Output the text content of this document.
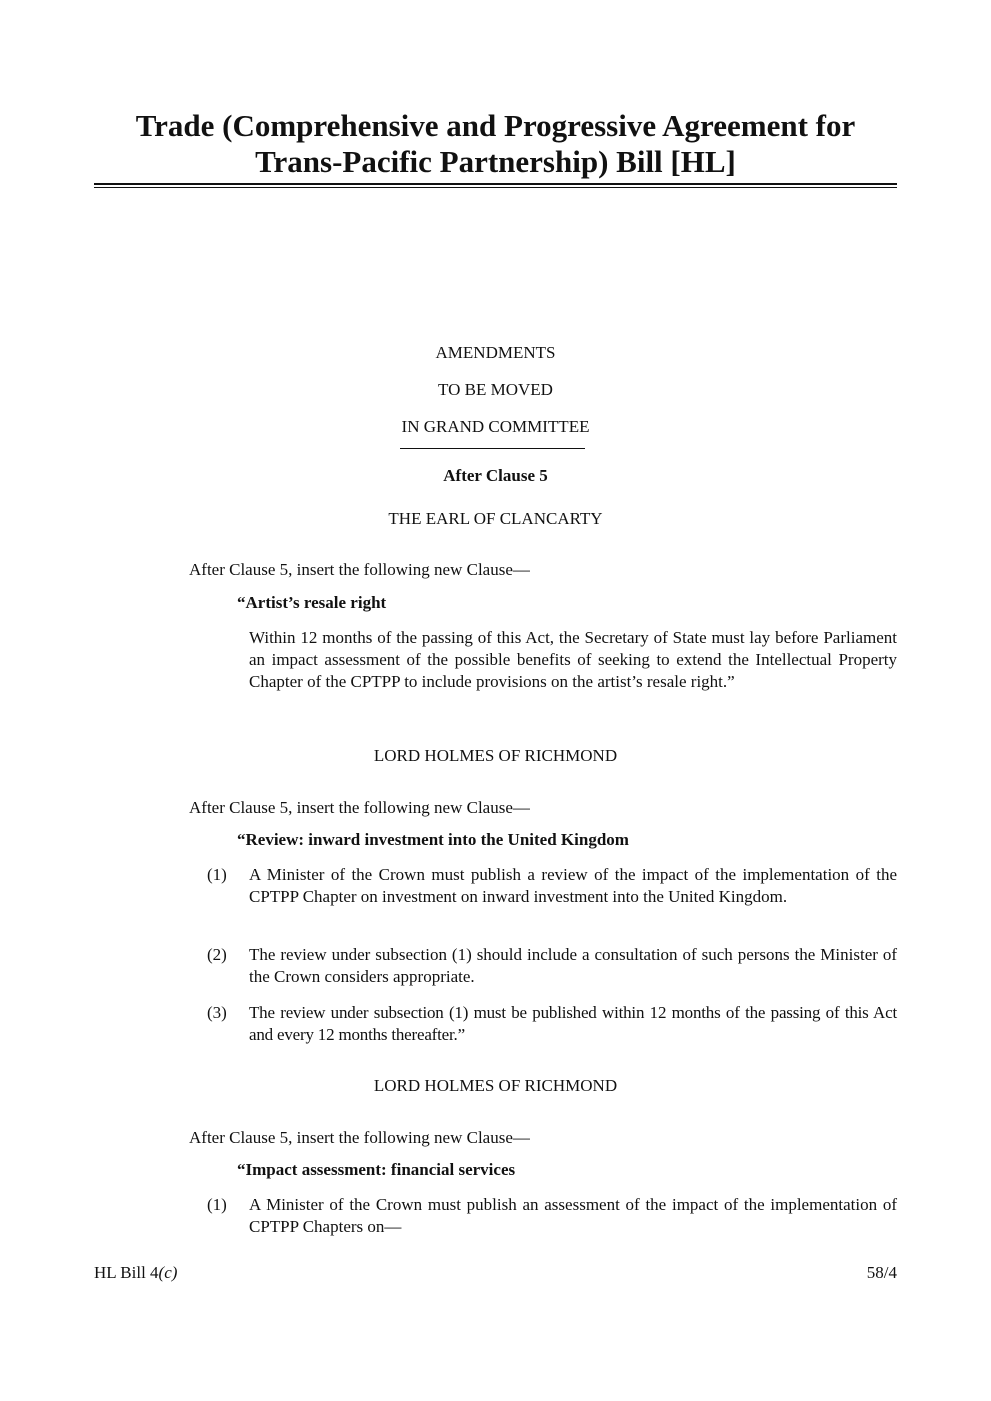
Trade (Comprehensive and Progressive Agreement for Trans-Pacific Partnership) Bill [HL]
AMENDMENTS
TO BE MOVED
IN GRAND COMMITTEE
After Clause 5
THE EARL OF CLANCARTY
After Clause 5, insert the following new Clause—
“Artist’s resale right
Within 12 months of the passing of this Act, the Secretary of State must lay before Parliament an impact assessment of the possible benefits of seeking to extend the Intellectual Property Chapter of the CPTPP to include provisions on the artist’s resale right.”
LORD HOLMES OF RICHMOND
After Clause 5, insert the following new Clause—
“Review: inward investment into the United Kingdom
(1) A Minister of the Crown must publish a review of the impact of the implementation of the CPTPP Chapter on investment on inward investment into the United Kingdom.
(2) The review under subsection (1) should include a consultation of such persons the Minister of the Crown considers appropriate.
(3) The review under subsection (1) must be published within 12 months of the passing of this Act and every 12 months thereafter.”
LORD HOLMES OF RICHMOND
After Clause 5, insert the following new Clause—
“Impact assessment: financial services
(1) A Minister of the Crown must publish an assessment of the impact of the implementation of CPTPP Chapters on—
HL Bill 4(c)	58/4
